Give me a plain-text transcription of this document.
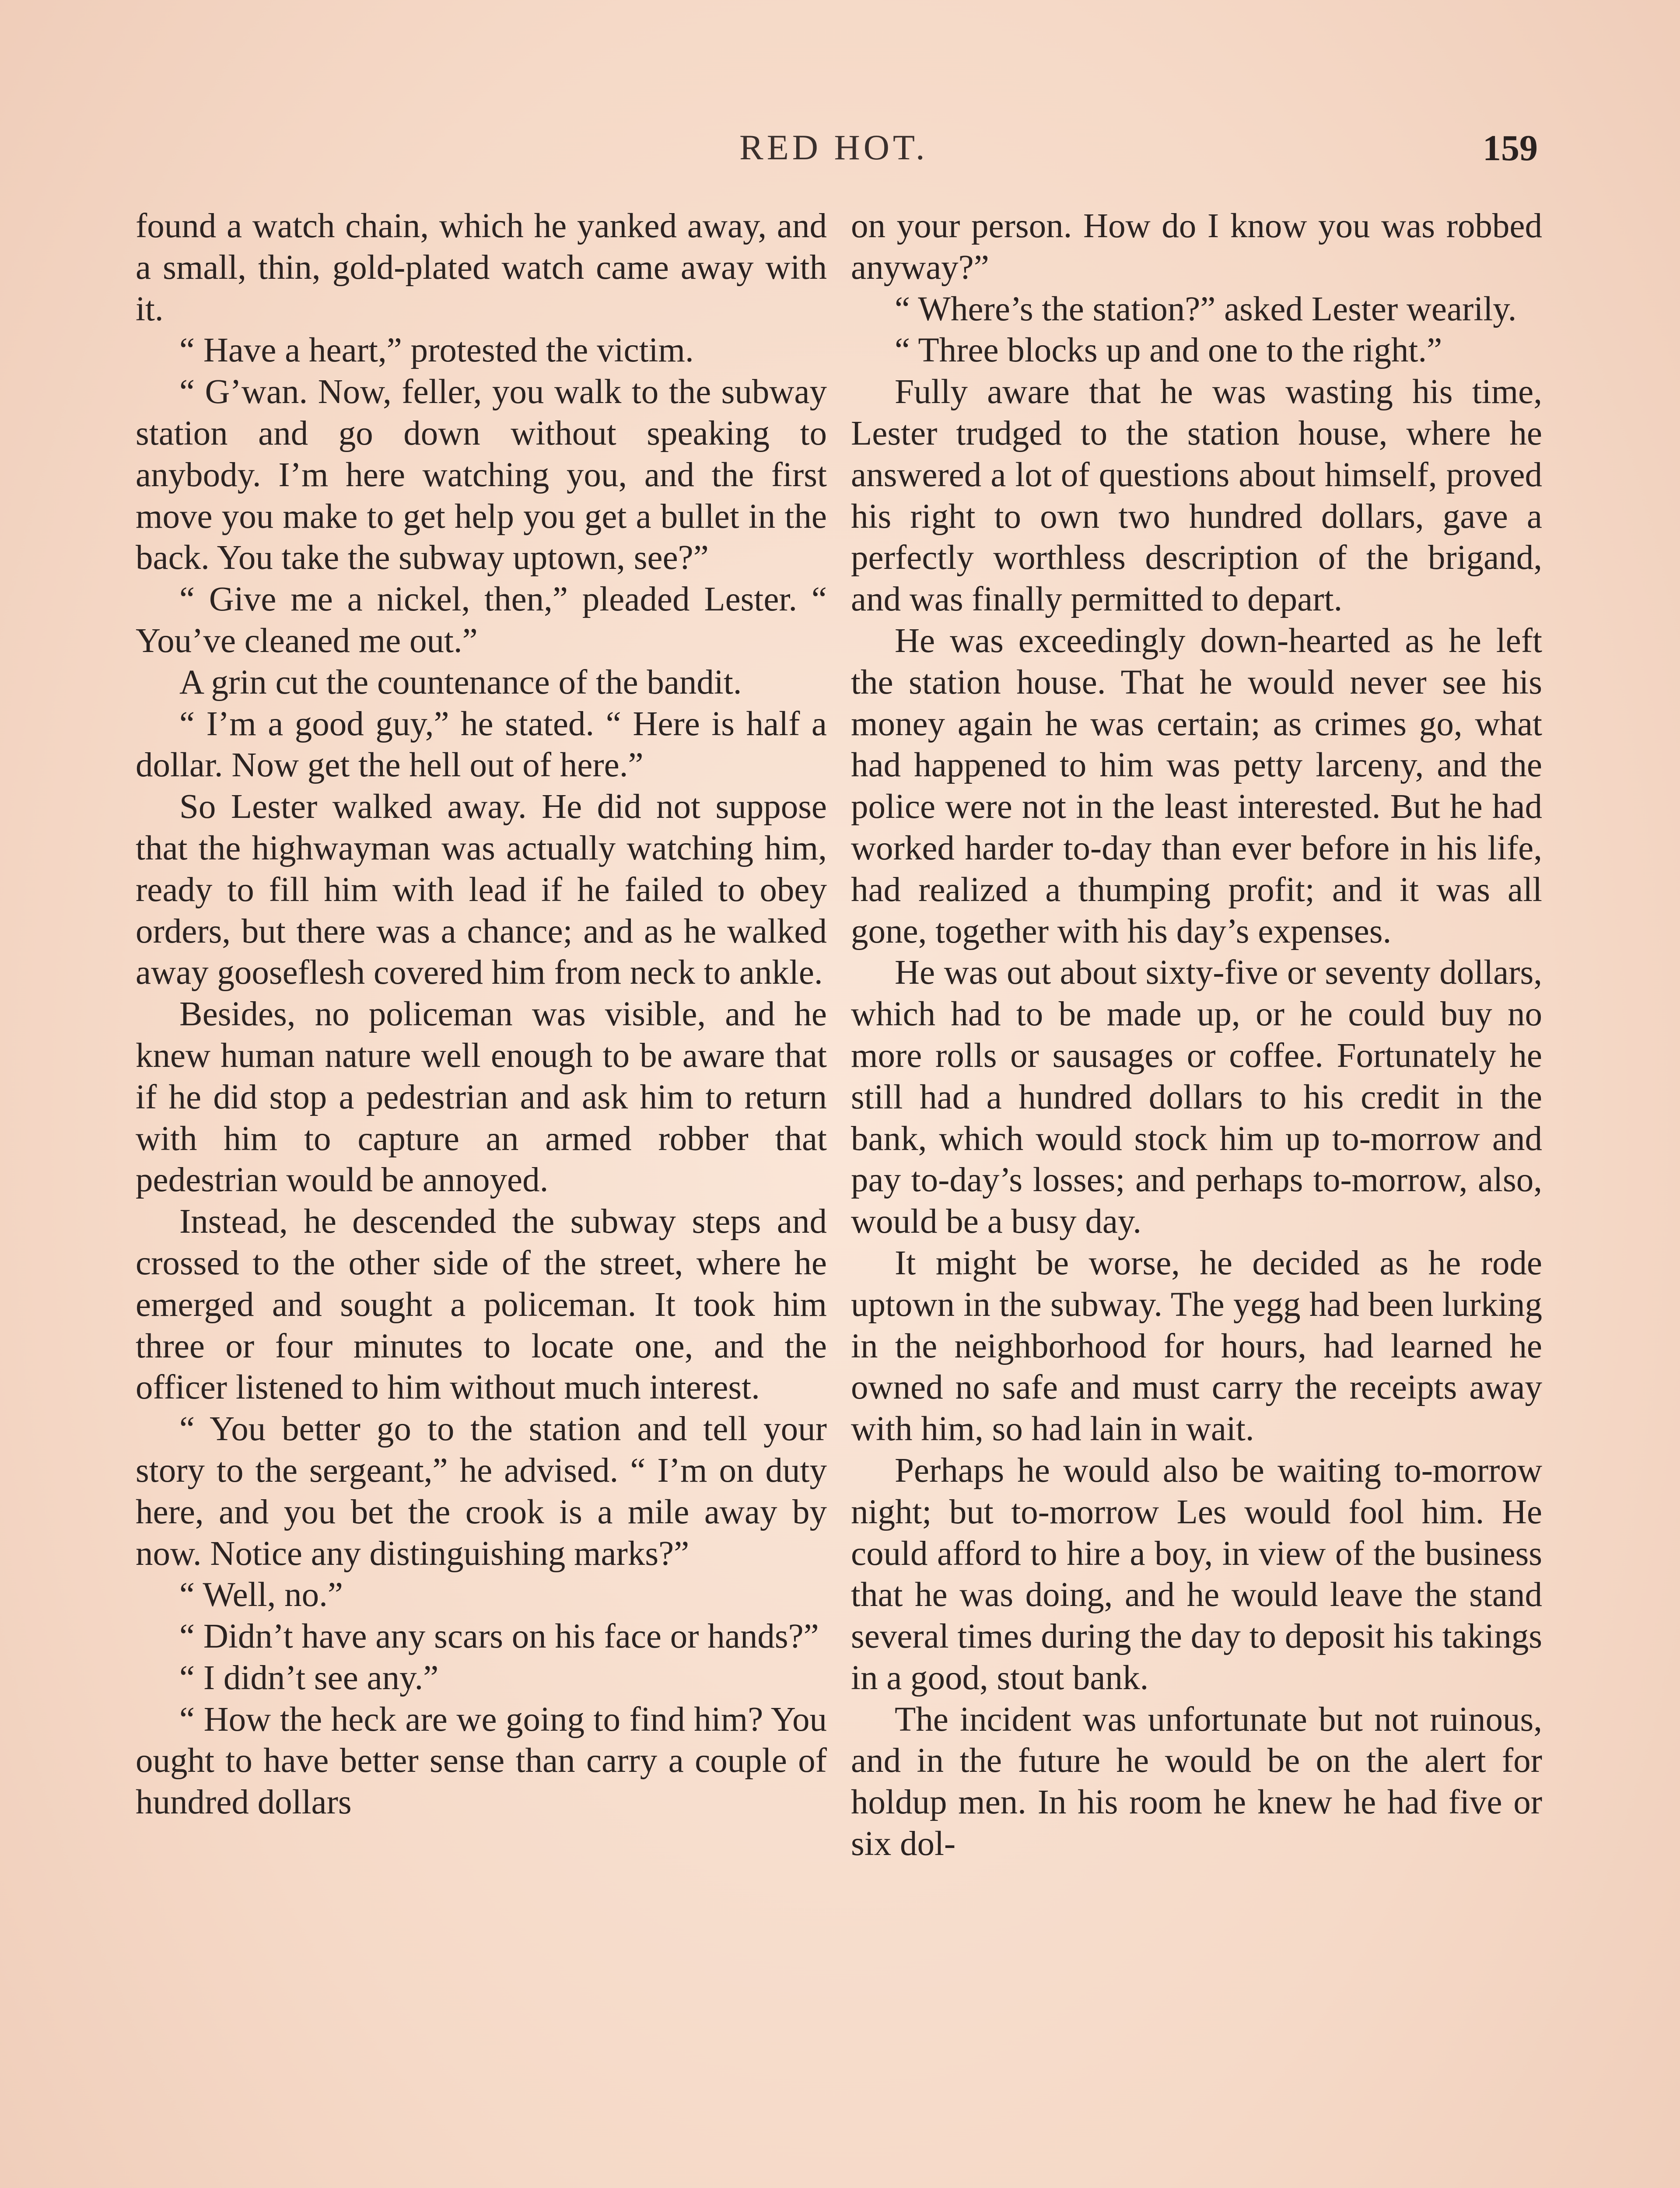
RED HOT.	159

found a watch chain, which he yanked away, and a small, thin, gold-plated watch came away with it.

“ Have a heart,” protested the victim.

“ G’wan. Now, feller, you walk to the subway station and go down without speaking to anybody. I’m here watching you, and the first move you make to get help you get a bullet in the back. You take the subway uptown, see?”

“ Give me a nickel, then,” pleaded Lester. “ You’ve cleaned me out.”

A grin cut the countenance of the bandit.

“ I’m a good guy,” he stated. “ Here is half a dollar. Now get the hell out of here.”

So Lester walked away. He did not suppose that the highwayman was actually watching him, ready to fill him with lead if he failed to obey orders, but there was a chance; and as he walked away gooseflesh covered him from neck to ankle.

Besides, no policeman was visible, and he knew human nature well enough to be aware that if he did stop a pedestrian and ask him to return with him to capture an armed robber that pedestrian would be annoyed.

Instead, he descended the subway steps and crossed to the other side of the street, where he emerged and sought a policeman. It took him three or four minutes to locate one, and the officer listened to him without much interest.

“ You better go to the station and tell your story to the sergeant,” he advised. “ I’m on duty here, and you bet the crook is a mile away by now. Notice any distinguishing marks?”

“ Well, no.”

“ Didn’t have any scars on his face or hands?”

“ I didn’t see any.”

“ How the heck are we going to find him? You ought to have better sense than carry a couple of hundred dollars

on your person. How do I know you was robbed anyway?”

“ Where’s the station?” asked Lester wearily.

“ Three blocks up and one to the right.”

Fully aware that he was wasting his time, Lester trudged to the station house, where he answered a lot of questions about himself, proved his right to own two hundred dollars, gave a perfectly worthless description of the brigand, and was finally permitted to depart.

He was exceedingly down-hearted as he left the station house. That he would never see his money again he was certain; as crimes go, what had happened to him was petty larceny, and the police were not in the least interested. But he had worked harder to-day than ever before in his life, had realized a thumping profit; and it was all gone, together with his day’s expenses.

He was out about sixty-five or seventy dollars, which had to be made up, or he could buy no more rolls or sausages or coffee. Fortunately he still had a hundred dollars to his credit in the bank, which would stock him up to-morrow and pay to-day’s losses; and perhaps to-morrow, also, would be a busy day.

It might be worse, he decided as he rode uptown in the subway. The yegg had been lurking in the neighborhood for hours, had learned he owned no safe and must carry the receipts away with him, so had lain in wait.

Perhaps he would also be waiting to-morrow night; but to-morrow Les would fool him. He could afford to hire a boy, in view of the business that he was doing, and he would leave the stand several times during the day to deposit his takings in a good, stout bank.

The incident was unfortunate but not ruinous, and in the future he would be on the alert for holdup men. In his room he knew he had five or six dol-
